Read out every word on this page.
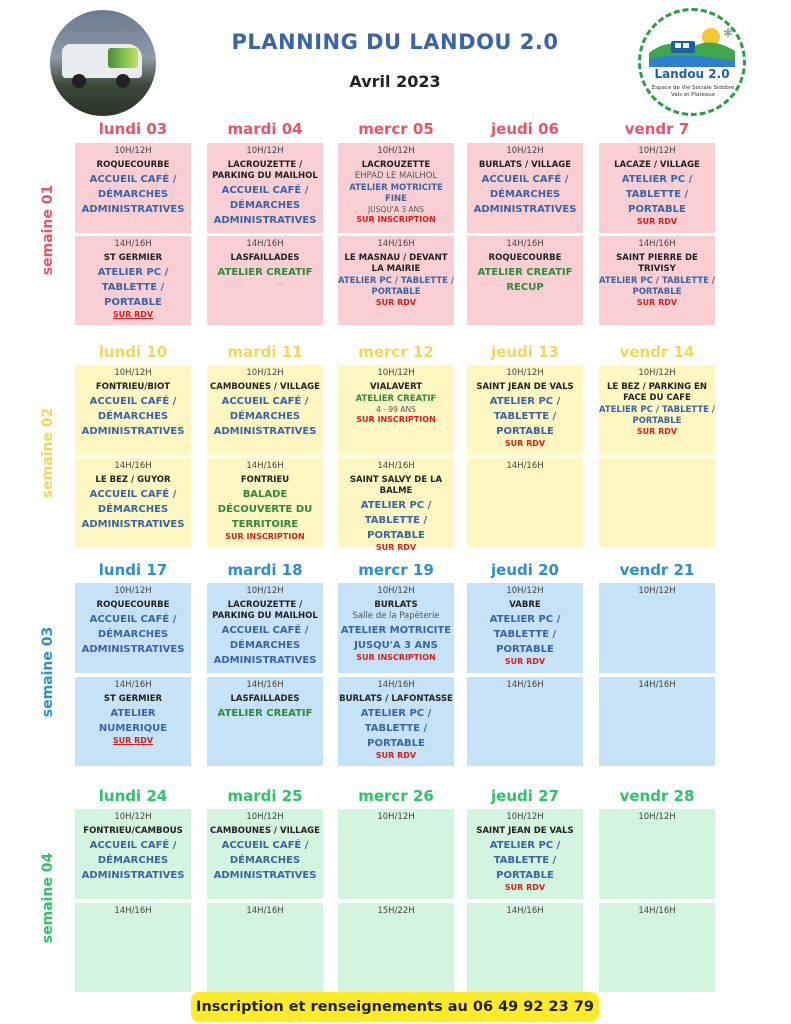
PLANNING DU LANDOU 2.0
Avril 2023
✱
Landou 2.0
Espace de Vie Sociale Sidobre Vals et Plateaux
semaine 01
lundi 03
10H/12H
ROQUECOURBE
ACCUEIL CAFÉ / DÉMARCHES ADMINISTRATIVES
14H/16H
ST GERMIER
ATELIER PC / TABLETTE / PORTABLE
SUR RDV
mardi 04
10H/12H
LACROUZETTE / PARKING DU MAILHOL
ACCUEIL CAFÉ / DÉMARCHES ADMINISTRATIVES
14H/16H
LASFAILLADES
ATELIER CREATIF
mercr 05
10H/12H
LACROUZETTE
EHPAD LE MAILHOL
ATELIER MOTRICITE FINE
JUSQU'A 3 ANS
SUR INSCRIPTION
14H/16H
LE MASNAU / DEVANT LA MAIRIE
ATELIER PC / TABLETTE / PORTABLE
SUR RDV
jeudi 06
10H/12H
BURLATS / VILLAGE
ACCUEIL CAFÉ / DÉMARCHES ADMINISTRATIVES
14H/16H
ROQUECOURBE
ATELIER CREATIF RECUP
vendr 7
10H/12H
LACAZE / VILLAGE
ATELIER PC / TABLETTE / PORTABLE
SUR RDV
14H/16H
SAINT PIERRE DE TRIVISY
ATELIER PC / TABLETTE / PORTABLE
SUR RDV
semaine 02
lundi 10
10H/12H
FONTRIEU/BIOT
ACCUEIL CAFÉ / DÉMARCHES ADMINISTRATIVES
14H/16H
LE BEZ / GUYOR
ACCUEIL CAFÉ / DÉMARCHES ADMINISTRATIVES
mardi 11
10H/12H
CAMBOUNES / VILLAGE
ACCUEIL CAFÉ / DÉMARCHES ADMINISTRATIVES
14H/16H
FONTRIEU
BALADE DÉCOUVERTE DU TERRITOIRE
SUR INSCRIPTION
mercr 12
10H/12H
VIALAVERT
ATELIER CREATIF
4 - 99 ANS
SUR INSCRIPTION
14H/16H
SAINT SALVY DE LA BALME
ATELIER PC / TABLETTE / PORTABLE
SUR RDV
jeudi 13
10H/12H
SAINT JEAN DE VALS
ATELIER PC / TABLETTE / PORTABLE
SUR RDV
14H/16H
vendr 14
10H/12H
LE BEZ / PARKING EN FACE DU CAFE
ATELIER PC / TABLETTE / PORTABLE
SUR RDV
semaine 03
lundi 17
10H/12H
ROQUECOURBE
ACCUEIL CAFÉ / DÉMARCHES ADMINISTRATIVES
14H/16H
ST GERMIER
ATELIER NUMERIQUE
SUR RDV
mardi 18
10H/12H
LACROUZETTE / PARKING DU MAILHOL
ACCUEIL CAFÉ / DÉMARCHES ADMINISTRATIVES
14H/16H
LASFAILLADES
ATELIER CREATIF
mercr 19
10H/12H
BURLATS
Salle de la Papèterie
ATELIER MOTRICITE JUSQU'A 3 ANS
SUR INSCRIPTION
14H/16H
BURLATS / LAFONTASSE
ATELIER PC / TABLETTE / PORTABLE
SUR RDV
jeudi 20
10H/12H
VABRE
ATELIER PC / TABLETTE / PORTABLE
SUR RDV
14H/16H
vendr 21
10H/12H
14H/16H
semaine 04
lundi 24
10H/12H
FONTRIEU/CAMBOUS
ACCUEIL CAFÉ / DÉMARCHES ADMINISTRATIVES
14H/16H
mardi 25
10H/12H
CAMBOUNES / VILLAGE
ACCUEIL CAFÉ / DÉMARCHES ADMINISTRATIVES
14H/16H
mercr 26
10H/12H
15H/22H
jeudi 27
10H/12H
SAINT JEAN DE VALS
ATELIER PC / TABLETTE / PORTABLE
SUR RDV
14H/16H
vendr 28
10H/12H
14H/16H
Inscription et renseignements au 06 49 92 23 79
